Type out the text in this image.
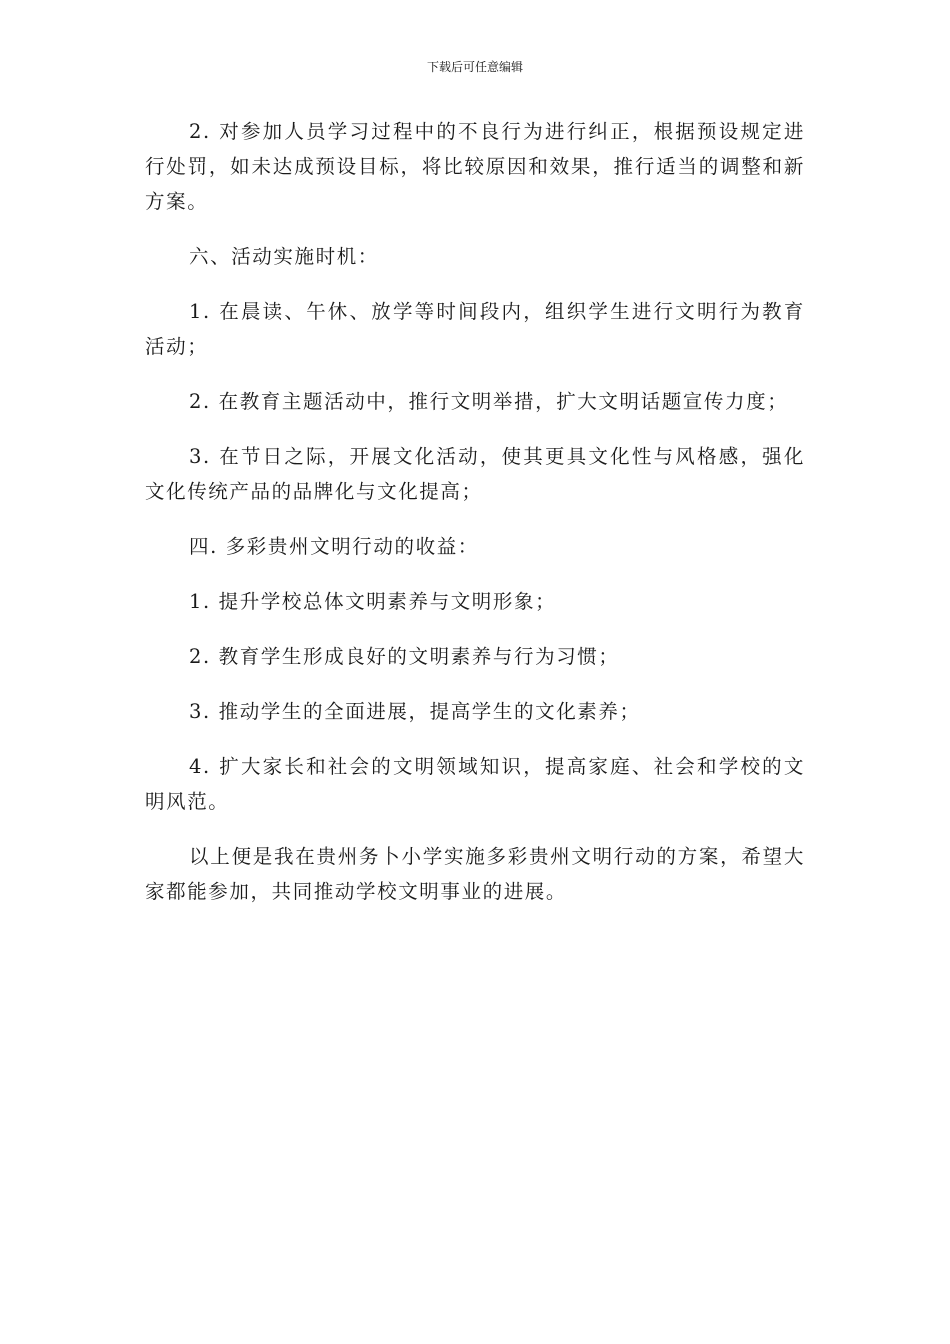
下载后可任意编辑

2. 对参加人员学习过程中的不良行为进行纠正，根据预设规定进行处罚，如未达成预设目标，将比较原因和效果，推行适当的调整和新方案。

六、活动实施时机：

1. 在晨读、午休、放学等时间段内，组织学生进行文明行为教育活动；

2. 在教育主题活动中，推行文明举措，扩大文明话题宣传力度；

3. 在节日之际，开展文化活动，使其更具文化性与风格感，强化文化传统产品的品牌化与文化提高；

四. 多彩贵州文明行动的收益：

1. 提升学校总体文明素养与文明形象；

2. 教育学生形成良好的文明素养与行为习惯；

3. 推动学生的全面进展，提高学生的文化素养；

4. 扩大家长和社会的文明领域知识，提高家庭、社会和学校的文明风范。

以上便是我在贵州务卜小学实施多彩贵州文明行动的方案，希望大家都能参加，共同推动学校文明事业的进展。
